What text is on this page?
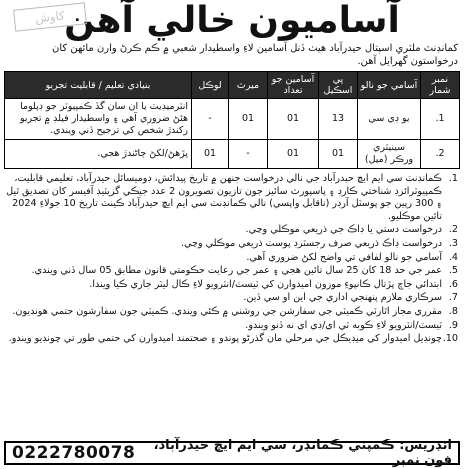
کاوش
آسامیون خالي آهن
کمانڊنٽ ملٽري اسپتال حيدرآباد هيٺ ڏنل آسامين لاءِ واسطيدار شعبي ۾ ڪم ڪرڻ وارن مائهن کان درخواستون گهرايل آهن.
نمبر شمار	آسامي جو نالو	پي اسڪيل	آسامين جو تعداد	ميرٽ	لوڪل	بنيادي تعليم / قابليت تجربو
1.	يو ڊي سي	13	01	01	-	انٽرميڊيٽ يا ان سان گڏ ڪمپيوٽر جو ڊپلوما هئڻ ضروري آهي ۽ واسطيدار فيلڊ ۾ تجربو رکندڙ شخص کي ترجيح ڏني ويندي.
2.	سينيٽري ورڪر (ميل)	01	01	-	01	پڙهڻ/لکڻ ڄاڻندڙ هجي.
1.
ڪمانڊنٽ سي ايم ايڇ حيدرآباد جي نالي درخواست جنهن ۾ تاريخ پيدائش، ڊوميسائل حيدرآباد، تعليمي قابليت، ڪمپيوٽرائزڊ شناختي ڪارڊ ۽ پاسپورٽ سائيز جون تازيون تصويرون 2 عدد جيڪي گزيٽيڊ آفيسر کان تصديق ٿيل ۽ 300 رپين جو پوسٽل آرڊر (ناقابل واپسي) نالي ڪمانڊنٽ سي ايم ايڇ حيدرآباد ڪينٽ تاريخ 10 جولاءِ 2024 تائين موڪليو.
2.
درخواست دستي يا ڊاڪ جي ذريعي موڪلي وڃي.
3.
درخواست ڊاڪ ذريعي صرف رجسٽرڊ پوسٽ ذريعي موڪلي وڃي.
4.
آسامي جو نالو لفافي تي واضح لکڻ ضروري آهي.
5.
عمر جي حد 18 کان 25 سال تائين هجي ۽ عمر جي رعايت حڪومتي قانون مطابق 05 سال ڏني ويندي.
6.
ابتدائي جاچ پڙتال ڪانپوءِ موزون اميدوارن کي ٽيسٽ/انٽرويو لاءِ ڪال ليٽر جاري ڪيا ويندا.
7.
سرڪاري ملازم پنهنجي اداري جي اين او سي ڏين.
8.
مقرري مجاز اٿارٽي ڪميٽي جي سفارشن جي روشني ۾ ڪئي ويندي. ڪميٽي جون سفارشون حتمي هونديون.
9.
ٽيسٽ/انٽرويو لاءِ ڪوبه ٽي اي/ڊي اي نه ڏنو ويندو.
10.
چونڊيل اميدوار کي ميڊيڪل جي مرحلي مان گذرڻو پوندو ۽ صحتمند اميدوارن کي حتمي طور تي چونڊيو ويندو.
0222780078	ائڊريس: ڪمپني ڪمانڊر، سي ايم ايڇ حيدرآباد، فون نمبر
